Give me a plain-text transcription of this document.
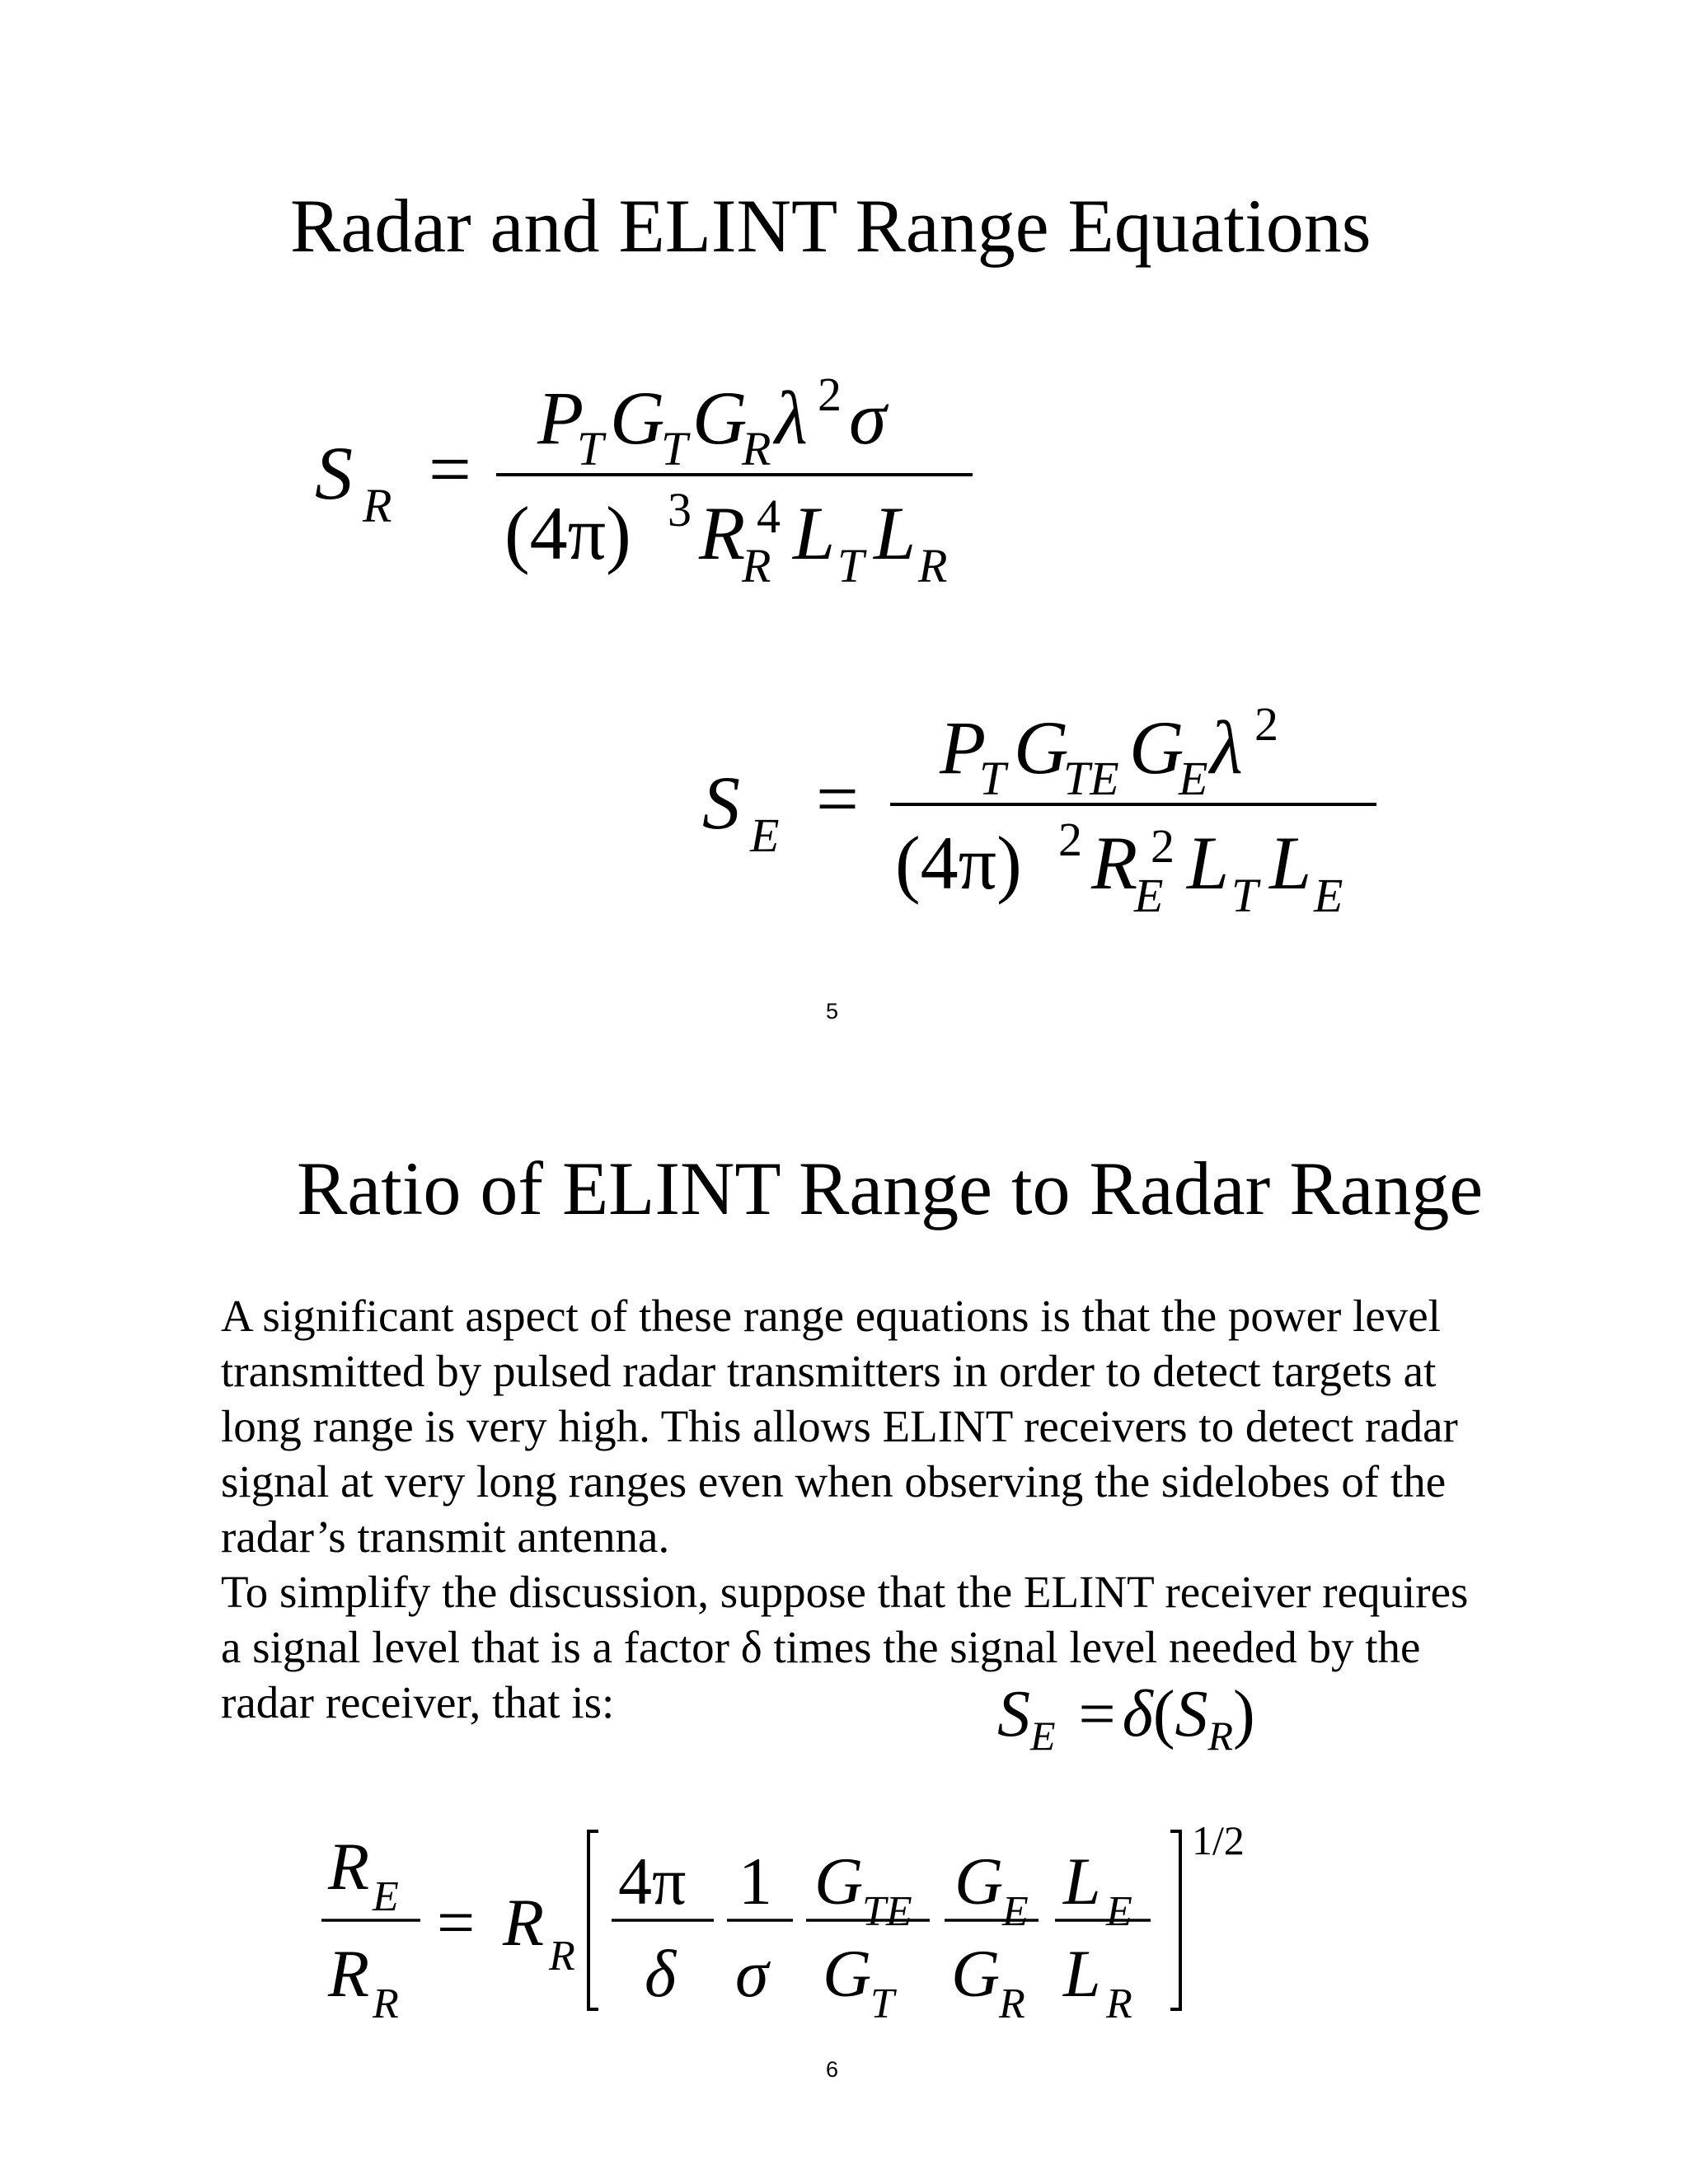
Radar and ELINT Range Equations
S R =
P
T G
T G
R λ 2 σ
(4π) 3 R 4
R L T L R
S E =
P
T G
TE G
E λ 2
(4π) 2 R 2
E L T L E
5
Ratio of ELINT Range to Radar Range

A significant aspect of these range equations is that the power level transmitted by pulsed radar transmitters in order to detect targets at long range is very high. This allows ELINT receivers to detect radar signal at very long ranges even when observing the sidelobes of the radar’s transmit antenna.

To simplify the discussion, suppose that the ELINT receiver requires a signal level that is a factor δ times the signal level needed by the radar receiver, that is:	$S_E = \delta(S_R)$
R E
R R
= R R
1/2
4π
δ
1
σ
G
TE
G
T
G
E
G
R
L E
L R
6
